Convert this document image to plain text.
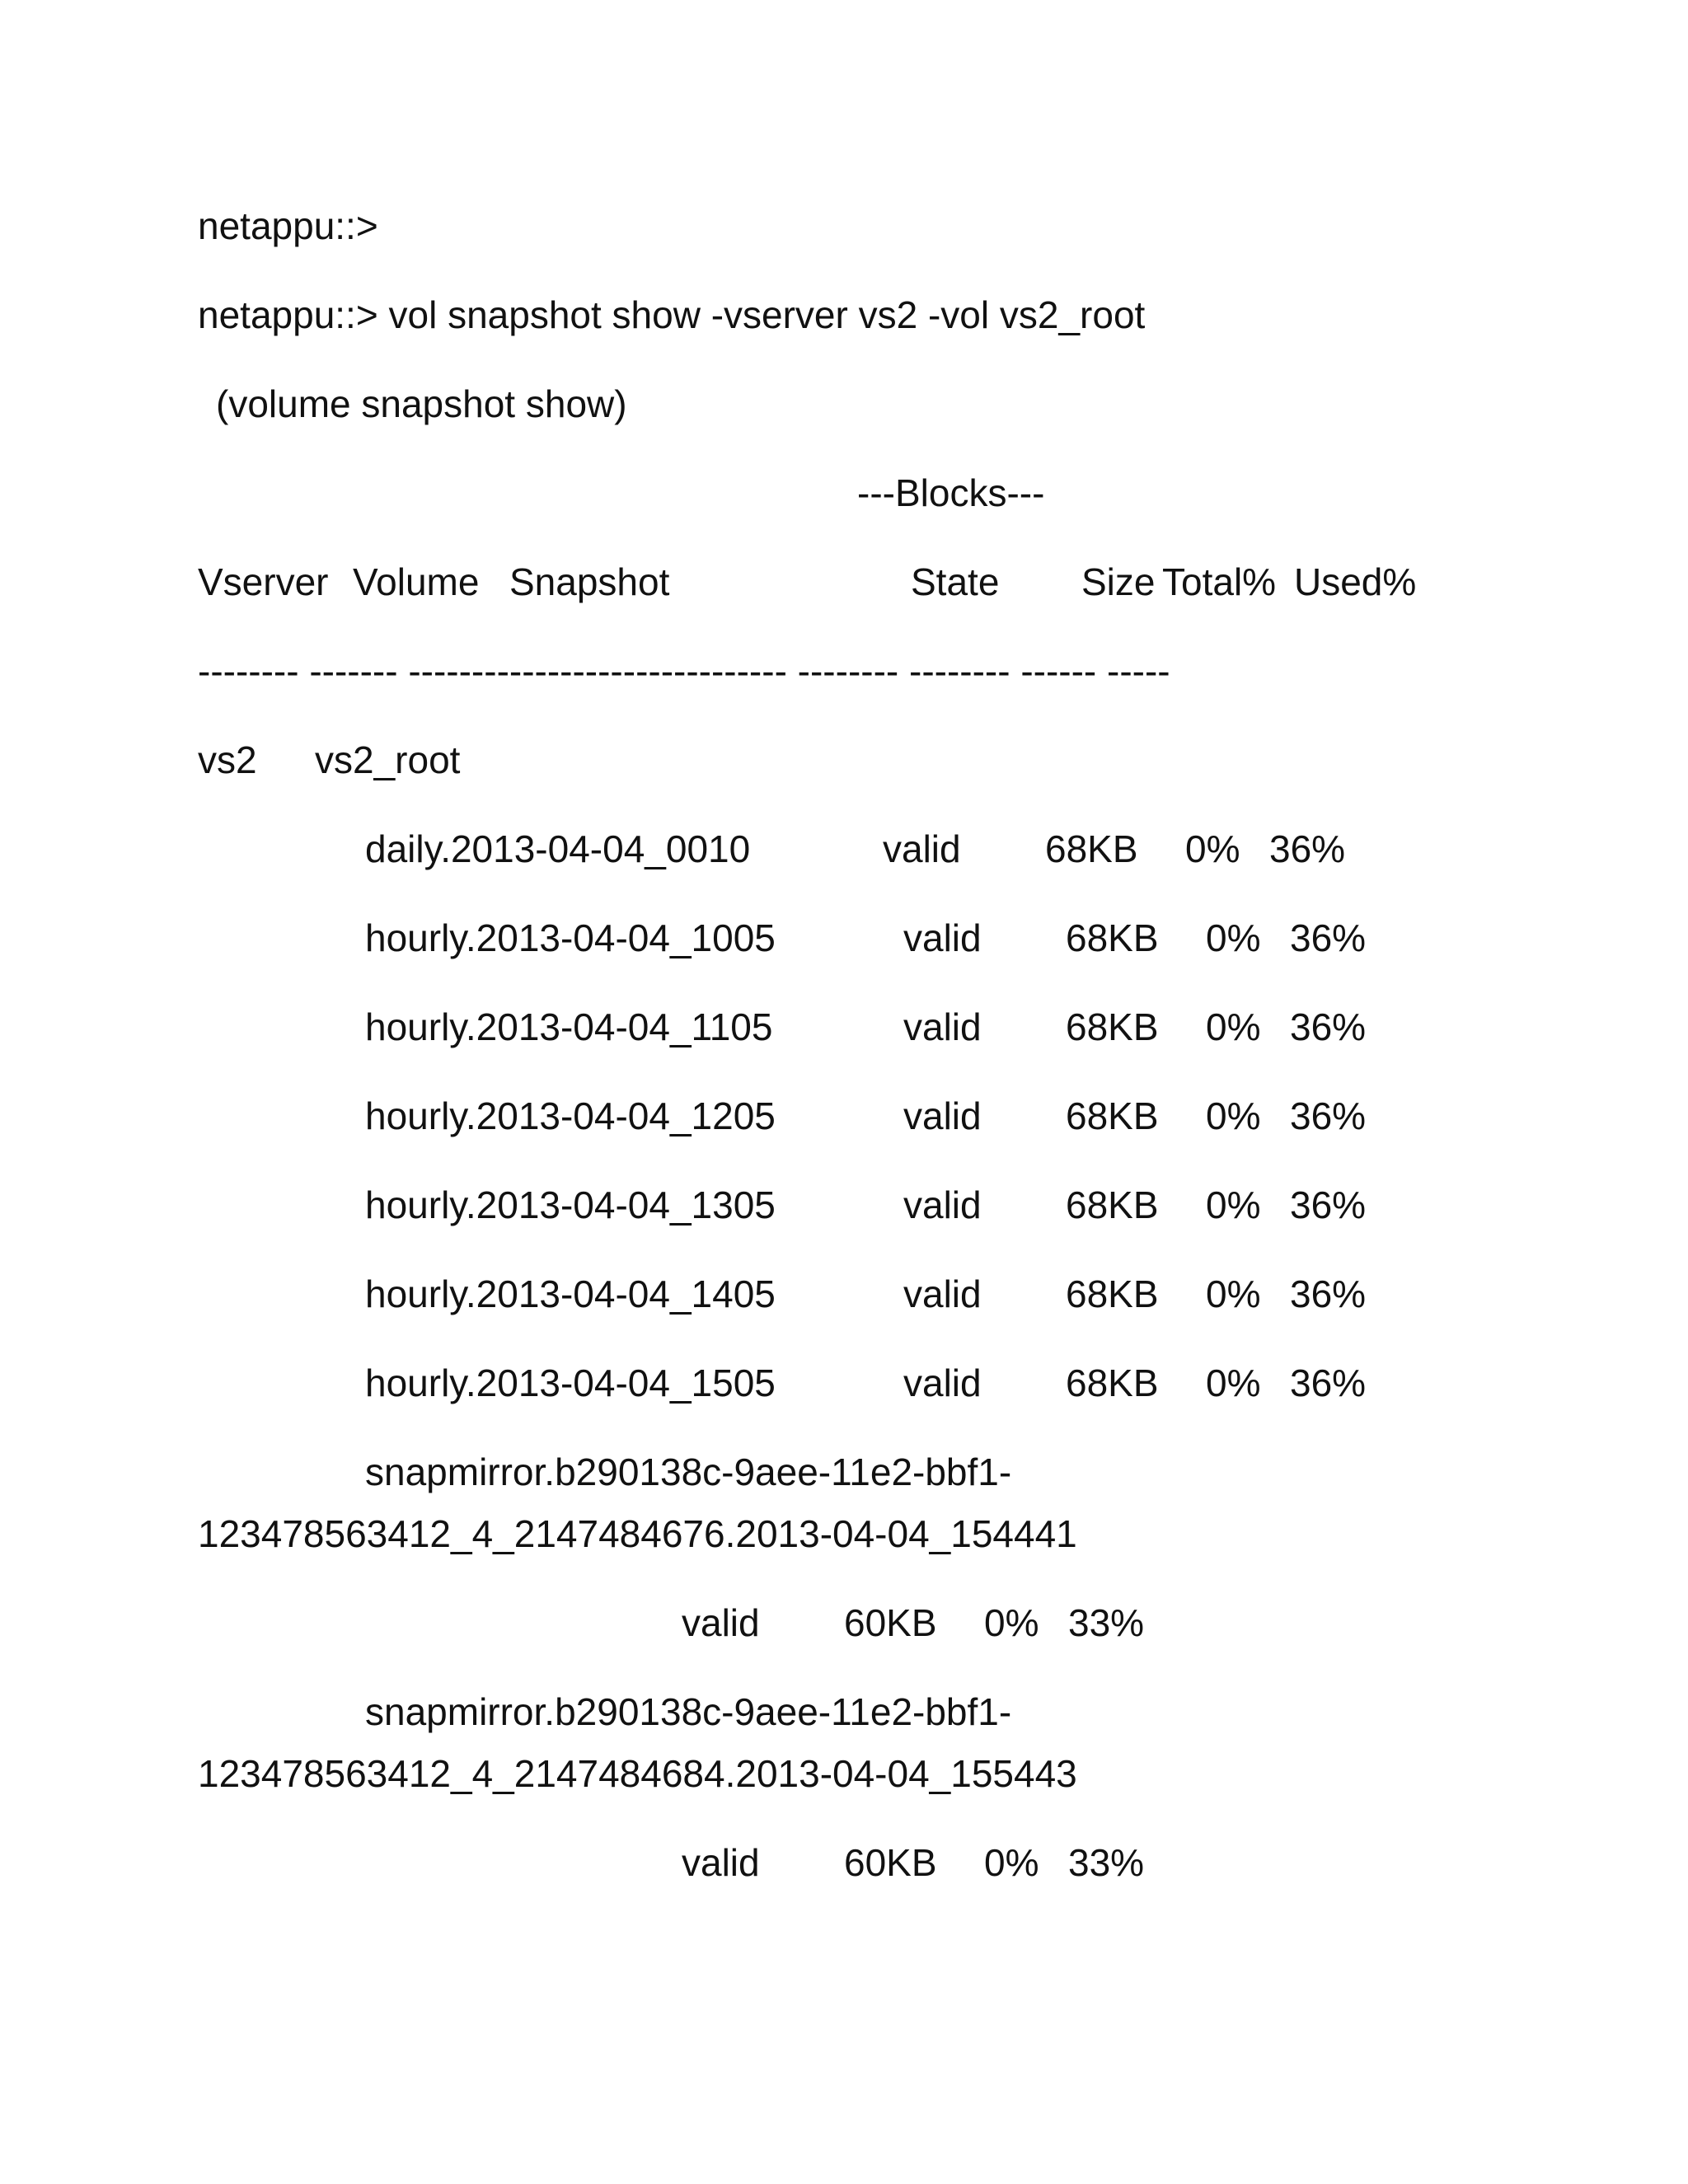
netappu::>
netappu::> vol snapshot show -vserver vs2 -vol vs2_root
(volume snapshot show)
---Blocks---
Vserver Volume Snapshot	State Size Total% Used%
-------- ------- ------------------------------ -------- -------- ------ -----
vs2 vs2_root
daily.2013-04-04_0010	valid 68KB 0% 36%
hourly.2013-04-04_1005	valid 68KB 0% 36%
hourly.2013-04-04_1105	valid 68KB 0% 36%
hourly.2013-04-04_1205	valid 68KB 0% 36%
hourly.2013-04-04_1305	valid 68KB 0% 36%
hourly.2013-04-04_1405	valid 68KB 0% 36%
hourly.2013-04-04_1505	valid 68KB 0% 36%
snapmirror.b290138c-9aee-11e2-bbf1-
123478563412_4_2147484676.2013-04-04_154441
valid 60KB 0% 33%
snapmirror.b290138c-9aee-11e2-bbf1-
123478563412_4_2147484684.2013-04-04_155443
valid 60KB 0% 33%
